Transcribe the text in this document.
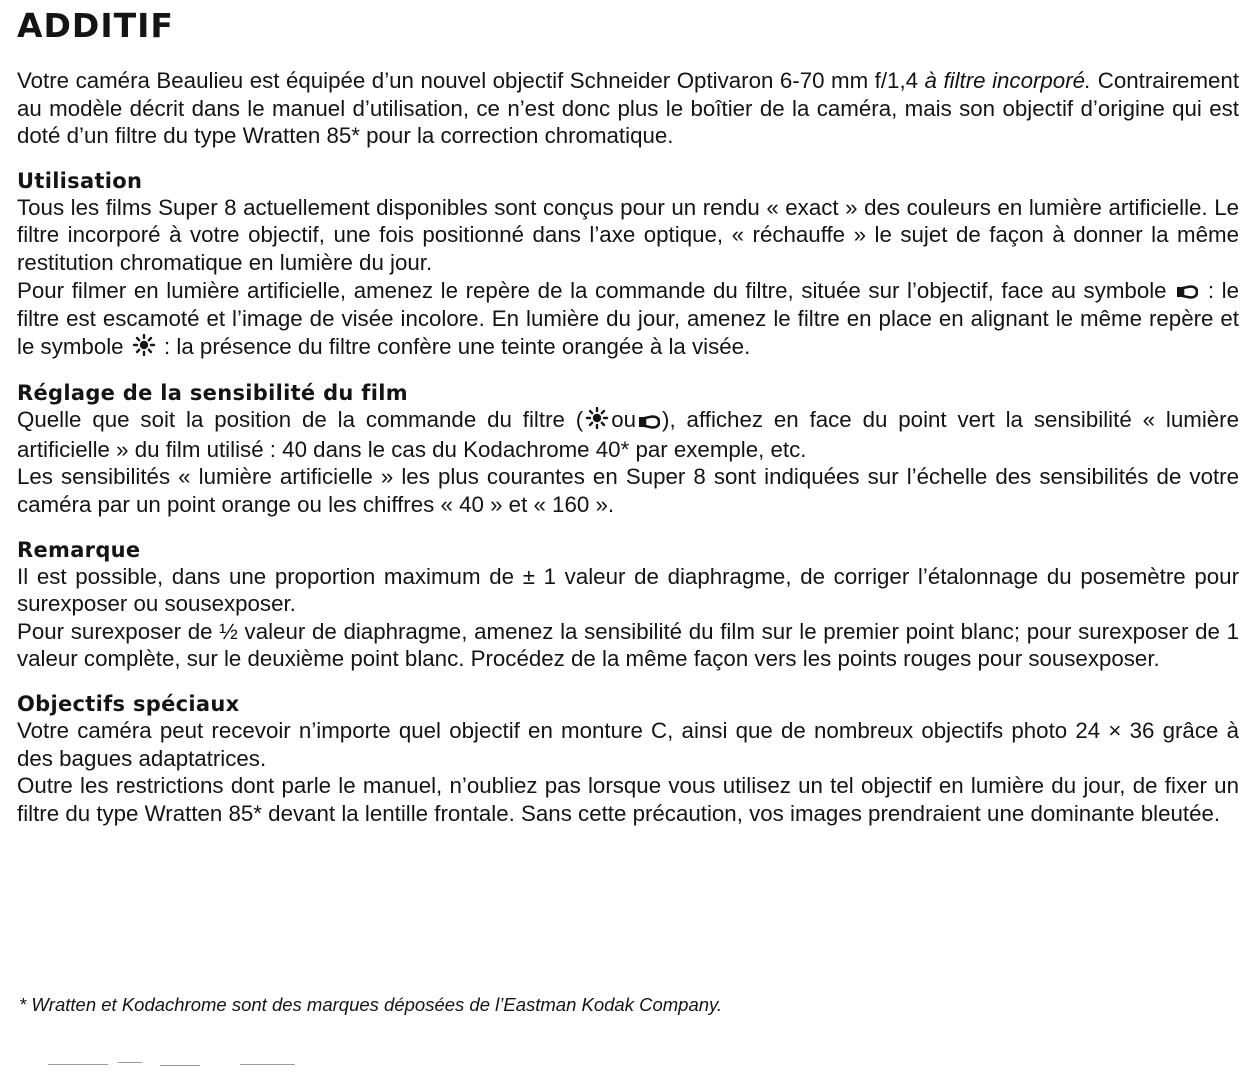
ADDITIF

Votre caméra Beaulieu est équipée d’un nouvel objectif Schneider Optivaron 6-70 mm f/1,4 à filtre incorporé. Contrairement au modèle décrit dans le manuel d’utilisation, ce n’est donc plus le boîtier de la caméra, mais son objectif d’origine qui est doté d’un filtre du type Wratten 85* pour la correction chromatique.

Utilisation

Tous les films Super 8 actuellement disponibles sont conçus pour un rendu « exact » des couleurs en lumière artificielle. Le filtre incorporé à votre objectif, une fois positionné dans l’axe optique, « réchauffe » le sujet de façon à donner la même restitution chromatique en lumière du jour.

Pour filmer en lumière artificielle, amenez le repère de la commande du filtre, située sur l’objectif, face au symbole : le filtre est escamoté et l’image de visée incolore. En lumière du jour, amenez le filtre en place en alignant le même repère et le symbole : la présence du filtre confère une teinte orangée à la visée.

Réglage de la sensibilité du film

Quelle que soit la position de la commande du filtre ( ou ), affichez en face du point vert la sensibilité « lumière artificielle » du film utilisé : 40 dans le cas du Kodachrome 40* par exemple, etc.

Les sensibilités « lumière artificielle » les plus courantes en Super 8 sont indiquées sur l’échelle des sensibilités de votre caméra par un point orange ou les chiffres « 40 » et « 160 ».

Remarque

Il est possible, dans une proportion maximum de ± 1 valeur de diaphragme, de corriger l’étalonnage du posemètre pour surexposer ou sousexposer.

Pour surexposer de ½ valeur de diaphragme, amenez la sensibilité du film sur le premier point blanc; pour surexposer de 1 valeur complète, sur le deuxième point blanc. Procédez de la même façon vers les points rouges pour sousexposer.

Objectifs spéciaux

Votre caméra peut recevoir n’importe quel objectif en monture C, ainsi que de nombreux objectifs photo 24 × 36 grâce à des bagues adaptatrices.

Outre les restrictions dont parle le manuel, n’oubliez pas lorsque vous utilisez un tel objectif en lumière du jour, de fixer un filtre du type Wratten 85* devant la lentille frontale. Sans cette précaution, vos images prendraient une dominante bleutée.

* Wratten et Kodachrome sont des marques déposées de l’Eastman Kodak Company.
